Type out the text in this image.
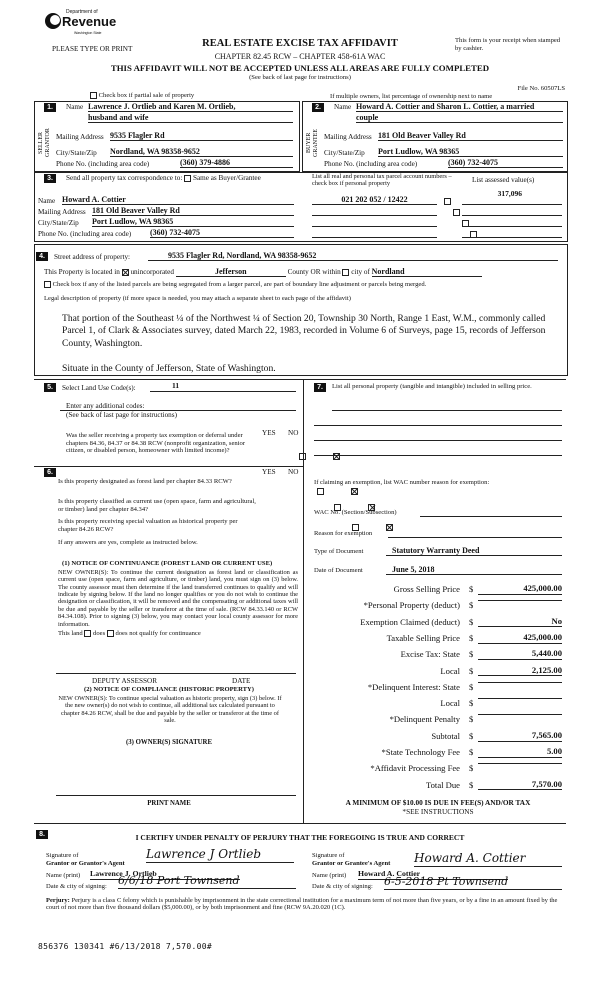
Department of
Revenue
Washington State
PLEASE TYPE OR PRINT	REAL ESTATE EXCISE TAX AFFIDAVIT
CHAPTER 82.45 RCW – CHAPTER 458-61A WAC
THIS AFFIDAVIT WILL NOT BE ACCEPTED UNLESS ALL AREAS ARE FULLY COMPLETED
(See back of last page for instructions)
This form is your receipt when stamped by cashier.
File No. 60507LS
Check box if partial sale of property	If multiple owners, list percentage of ownership next to name
1.	2.
SELLER GRANTOR	BUYER GRANTEE
Name Lawrence J. Ortlieb and Karen M. Ortlieb,
husband and wife
Mailing Address 9535 Flagler Rd
City/State/Zip Nordland, WA 98358-9652
Phone No. (including area code)	(360) 379-4886
Name Howard A. Cottier and Sharon L. Cottier, a married
couple
Mailing Address 181 Old Beaver Valley Rd
City/State/Zip Port Ludlow, WA 98365
Phone No. (including area code)	(360) 732-4075
3.	Send all property tax correspondence to: Same as Buyer/Grantee	List all real and personal tax parcel account numbers – check box if personal property	List assessed value(s)
Name Howard A. Cottier
Mailing Address 181 Old Beaver Valley Rd
City/State/Zip Port Ludlow, WA 98365
Phone No. (including area code) (360) 732-4075
021 202 052 / 12422

317,096

4.	Street address of property:	9535 Flagler Rd, Nordland, WA 98358-9652
This Property is located in unincorporated	Jefferson	County OR within city of Nordland
Check box if any of the listed parcels are being segregated from a larger parcel, are part of boundary line adjustment or parcels being merged.
Legal description of property (if more space is needed, you may attach a separate sheet to each page of the affidavit)
That portion of the Southeast ¼ of the Northwest ¼ of Section 20, Township 30 North, Range 1 East, W.M., commonly called Parcel 1, of Clark & Associates survey, dated March 22, 1983, recorded in Volume 6 of Surveys, page 15, records of Jefferson County, Washington.
Situate in the County of Jefferson, State of Washington.
5.	Select Land Use Code(s):	11
Enter any additional codes:
(See back of last page for instructions)
YES NO
Was the seller receiving a property tax exemption or deferral under chapters 84.36, 84.37 or 84.38 RCW (nonprofit organization, senior citizen, or disabled person, homeowner with limited income)?

6.	YES NO
Is this property designated as forest land per chapter 84.33 RCW?

Is this property classified as current use (open space, farm and agricultural, or timber) land per chapter 84.34?

Is this property receiving special valuation as historical property per chapter 84.26 RCW?

If any answers are yes, complete as instructed below.
(1) NOTICE OF CONTINUANCE (FOREST LAND OR CURRENT USE)
NEW OWNER(S): To continue the current designation as forest land or classification as current use (open space, farm and agriculture, or timber) land, you must sign on (3) below. The county assessor must then determine if the land transferred continues to qualify and will indicate by signing below. If the land no longer qualifies or you do not wish to continue the designation or classification, it will be removed and the compensating or additional taxes will be due and payable by the seller or transferor at the time of sale. (RCW 84.33.140 or RCW 84.34.108). Prior to signing (3) below, you may contact your local county assessor for more information.
This land does does not qualify for continuance
DEPUTY ASSESSOR	DATE
(2) NOTICE OF COMPLIANCE (HISTORIC PROPERTY)
NEW OWNER(S): To continue special valuation as historic property, sign (3) below. If the new owner(s) do not wish to continue, all additional tax calculated pursuant to chapter 84.26 RCW, shall be due and payable by the seller or transferor at the time of sale.
(3) OWNER(S) SIGNATURE
PRINT NAME
7.	List all personal property (tangible and intangible) included in selling price.
If claiming an exemption, list WAC number reason for exemption:
WAC No. (Section/Subsection)
Reason for exemption
Type of Document	Statutory Warranty Deed
Date of Document	June 5, 2018
Gross Selling Price $	425,000.00
*Personal Property (deduct) $
Exemption Claimed (deduct) $	No
Taxable Selling Price $	425,000.00
Excise Tax: State $	5,440.00
Local $	2,125.00
*Delinquent Interest: State $
Local $
*Delinquent Penalty $
Subtotal $	7,565.00
*State Technology Fee $	5.00
*Affidavit Processing Fee $
Total Due $	7,570.00
A MINIMUM OF $10.00 IS DUE IN FEE(S) AND/OR TAX
*SEE INSTRUCTIONS
8.	I CERTIFY UNDER PENALTY OF PERJURY THAT THE FOREGOING IS TRUE AND CORRECT
Signature of
Grantor or Grantor's Agent
Lawrence J Ortlieb
Name (print) Lawrence J. Ortlieb
Date & city of signing: 6/6/18 Port Townsend
Signature of
Grantor or Grantee's Agent Howard A. Cottier
Name (print) Howard A. Cottier
Date & city of signing: 6-5-2018 Pt Townsend
Perjury: Perjury is a class C felony which is punishable by imprisonment in the state correctional institution for a maximum term of not more than five years, or by a fine in an amount fixed by the court of not more than five thousand dollars ($5,000.00), or by both imprisonment and fine (RCW 9A.20.020 (1C).
856376 130341 #6/13/2018 7,570.00#
